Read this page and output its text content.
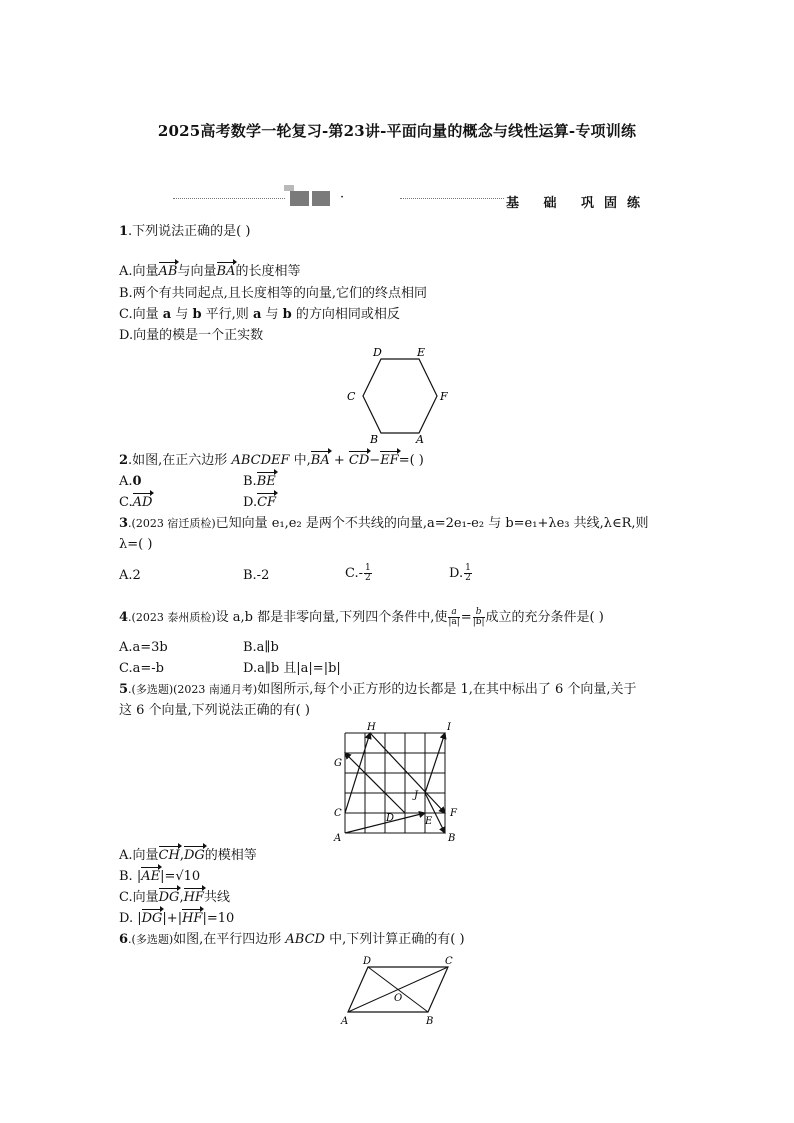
2025高考数学一轮复习-第23讲-平面向量的概念与线性运算-专项训练
·	基 础 巩固练
1.下列说法正确的是( )
A.向量AB与向量BA的长度相等
B.两个有共同起点,且长度相等的向量,它们的终点相同
C.向量 a 与 b 平行,则 a 与 b 的方向相同或相反
D.向量的模是一个正实数
D	E
F
A
B
C
2.如图,在正六边形 ABCDEF 中,BA + CD−EF=( )
A.0	B.BE
C.AD	D.CF
3.(2023 宿迁质检)已知向量 e₁,e₂ 是两个不共线的向量,a=2e₁-e₂ 与 b=e₁+λe₃ 共线,λ∈R,则
λ=( )
A.2	B.-2	$C.- \frac{1}{2}$	D. $\frac{1}{2}$
4.(2023 泰州质检)设 a,b 都是非零向量,下列四个条件中,使 $\frac{a}{|a|} = \frac{b}{|b|}$ 成立的充分条件是( )
A.a=3b	B.a∥b
C.a=-b	D.a∥b 且|a|=|b|
5.(多选题)(2023 南通月考)如图所示,每个小正方形的边长都是 1,在其中标出了 6 个向量,关于
这 6 个向量,下列说法正确的有( )
H	I
G
C
A
J
D	E
F
B
A.向量CH,DG的模相等
B. |AE|=√10
C.向量DG,HF共线
D. |DG|+|HF|=10
6.(多选题)如图,在平行四边形 ABCD 中,下列计算正确的有( )
D	C
O
A	B
